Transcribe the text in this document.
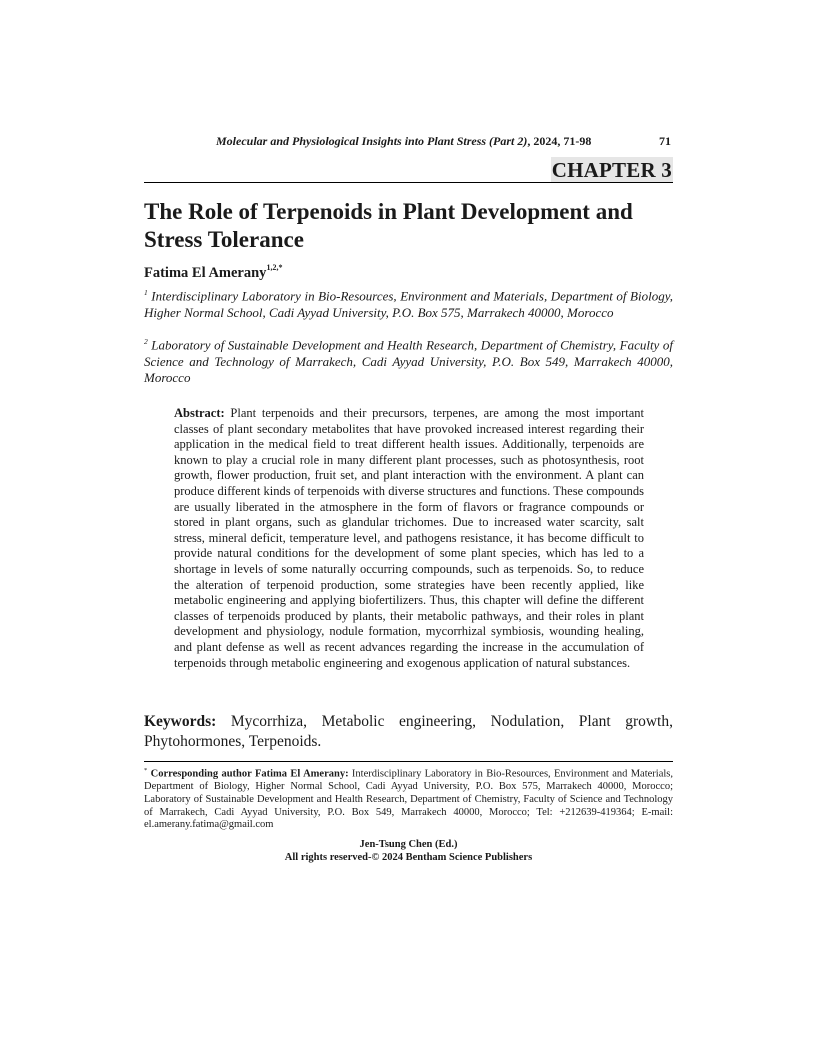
Molecular and Physiological Insights into Plant Stress (Part 2), 2024, 71-98	71
CHAPTER 3
The Role of Terpenoids in Plant Development and Stress Tolerance
Fatima El Amerany$^{1,2,*}$

$^1$ Interdisciplinary Laboratory in Bio-Resources, Environment and Materials, Department of Biology, Higher Normal School, Cadi Ayyad University, P.O. Box 575, Marrakech 40000, Morocco

$^2$ Laboratory of Sustainable Development and Health Research, Department of Chemistry, Faculty of Science and Technology of Marrakech, Cadi Ayyad University, P.O. Box 549, Marrakech 40000, Morocco

Abstract: Plant terpenoids and their precursors, terpenes, are among the most important classes of plant secondary metabolites that have provoked increased interest regarding their application in the medical field to treat different health issues. Additionally, terpenoids are known to play a crucial role in many different plant processes, such as photosynthesis, root growth, flower production, fruit set, and plant interaction with the environment. A plant can produce different kinds of terpenoids with diverse structures and functions. These compounds are usually liberated in the atmosphere in the form of flavors or fragrance compounds or stored in plant organs, such as glandular trichomes. Due to increased water scarcity, salt stress, mineral deficit, temperature level, and pathogens resistance, it has become difficult to provide natural conditions for the development of some plant species, which has led to a shortage in levels of some naturally occurring compounds, such as terpenoids. So, to reduce the alteration of terpenoid production, some strategies have been recently applied, like metabolic engineering and applying biofertilizers. Thus, this chapter will define the different classes of terpenoids produced by plants, their metabolic pathways, and their roles in plant development and physiology, nodule formation, mycorrhizal symbiosis, wounding healing, and plant defense as well as recent advances regarding the increase in the accumulation of terpenoids through metabolic engineering and exogenous application of natural substances.

Keywords: Mycorrhiza, Metabolic engineering, Nodulation, Plant growth, Phytohormones, Terpenoids.

* Corresponding author Fatima El Amerany: Interdisciplinary Laboratory in Bio-Resources, Environment and Materials, Department of Biology, Higher Normal School, Cadi Ayyad University, P.O. Box 575, Marrakech 40000, Morocco; Laboratory of Sustainable Development and Health Research, Department of Chemistry, Faculty of Science and Technology of Marrakech, Cadi Ayyad University, P.O. Box 549, Marrakech 40000, Morocco; Tel: +212639-419364; E-mail: el.amerany.fatima@gmail.com

Jen-Tsung Chen (Ed.)
All rights reserved-© 2024 Bentham Science Publishers
